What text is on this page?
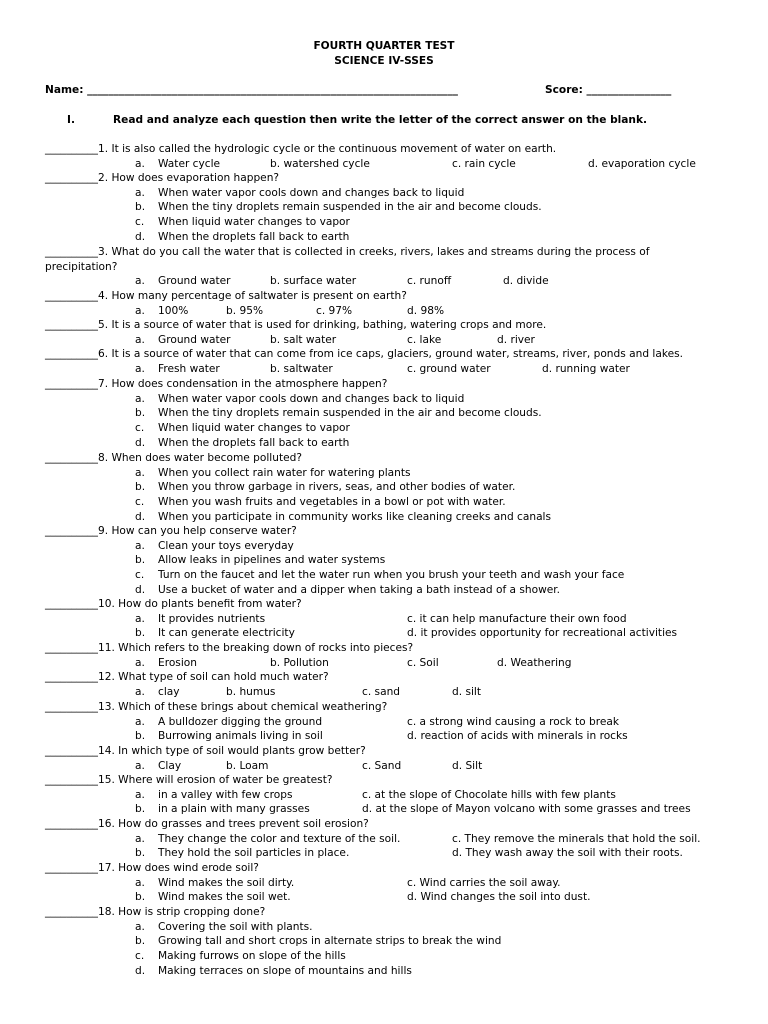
FOURTH QUARTER TEST
SCIENCE IV-SSES
Name: ______________________________________________________________________	Score: ________________
I.	Read and analyze each question then write the letter of the correct answer on the blank.
__________1. It is also called the hydrologic cycle or the continuous movement of water on earth.
a. Water cycle	b. watershed cycle	c. rain cycle	d. evaporation cycle
__________2. How does evaporation happen?
a. When water vapor cools down and changes back to liquid
b. When the tiny droplets remain suspended in the air and become clouds.
c. When liquid water changes to vapor
d. When the droplets fall back to earth
__________3. What do you call the water that is collected in creeks, rivers, lakes and streams during the process of
precipitation?
a. Ground water	b. surface water	c. runoff	d. divide
__________4. How many percentage of saltwater is present on earth?
a. 100%	b. 95%	c. 97%	d. 98%
__________5. It is a source of water that is used for drinking, bathing, watering crops and more.
a. Ground water	b. salt water	c. lake	d. river
__________6. It is a source of water that can come from ice caps, glaciers, ground water, streams, river, ponds and lakes.
a. Fresh water	b. saltwater	c. ground water	d. running water
__________7. How does condensation in the atmosphere happen?
a. When water vapor cools down and changes back to liquid
b. When the tiny droplets remain suspended in the air and become clouds.
c. When liquid water changes to vapor
d. When the droplets fall back to earth
__________8. When does water become polluted?
a. When you collect rain water for watering plants
b. When you throw garbage in rivers, seas, and other bodies of water.
c. When you wash fruits and vegetables in a bowl or pot with water.
d. When you participate in community works like cleaning creeks and canals
__________9. How can you help conserve water?
a. Clean your toys everyday
b. Allow leaks in pipelines and water systems
c. Turn on the faucet and let the water run when you brush your teeth and wash your face
d. Use a bucket of water and a dipper when taking a bath instead of a shower.
__________10. How do plants benefit from water?
a. It provides nutrients	c. it can help manufacture their own food
b. It can generate electricity	d. it provides opportunity for recreational activities
__________11. Which refers to the breaking down of rocks into pieces?
a. Erosion	b. Pollution	c. Soil	d. Weathering
__________12. What type of soil can hold much water?
a. clay	b. humus	c. sand	d. silt
__________13. Which of these brings about chemical weathering?
a. A bulldozer digging the ground	c. a strong wind causing a rock to break
b. Burrowing animals living in soil	d. reaction of acids with minerals in rocks
__________14. In which type of soil would plants grow better?
a. Clay	b. Loam	c. Sand	d. Silt
__________15. Where will erosion of water be greatest?
a. in a valley with few crops	c. at the slope of Chocolate hills with few plants
b. in a plain with many grasses	d. at the slope of Mayon volcano with some grasses and trees
__________16. How do grasses and trees prevent soil erosion?
a. They change the color and texture of the soil.	c. They remove the minerals that hold the soil.
b. They hold the soil particles in place.	d. They wash away the soil with their roots.
__________17. How does wind erode soil?
a. Wind makes the soil dirty.	c. Wind carries the soil away.
b. Wind makes the soil wet.	d. Wind changes the soil into dust.
__________18. How is strip cropping done?
a. Covering the soil with plants.
b. Growing tall and short crops in alternate strips to break the wind
c. Making furrows on slope of the hills
d. Making terraces on slope of mountains and hills
